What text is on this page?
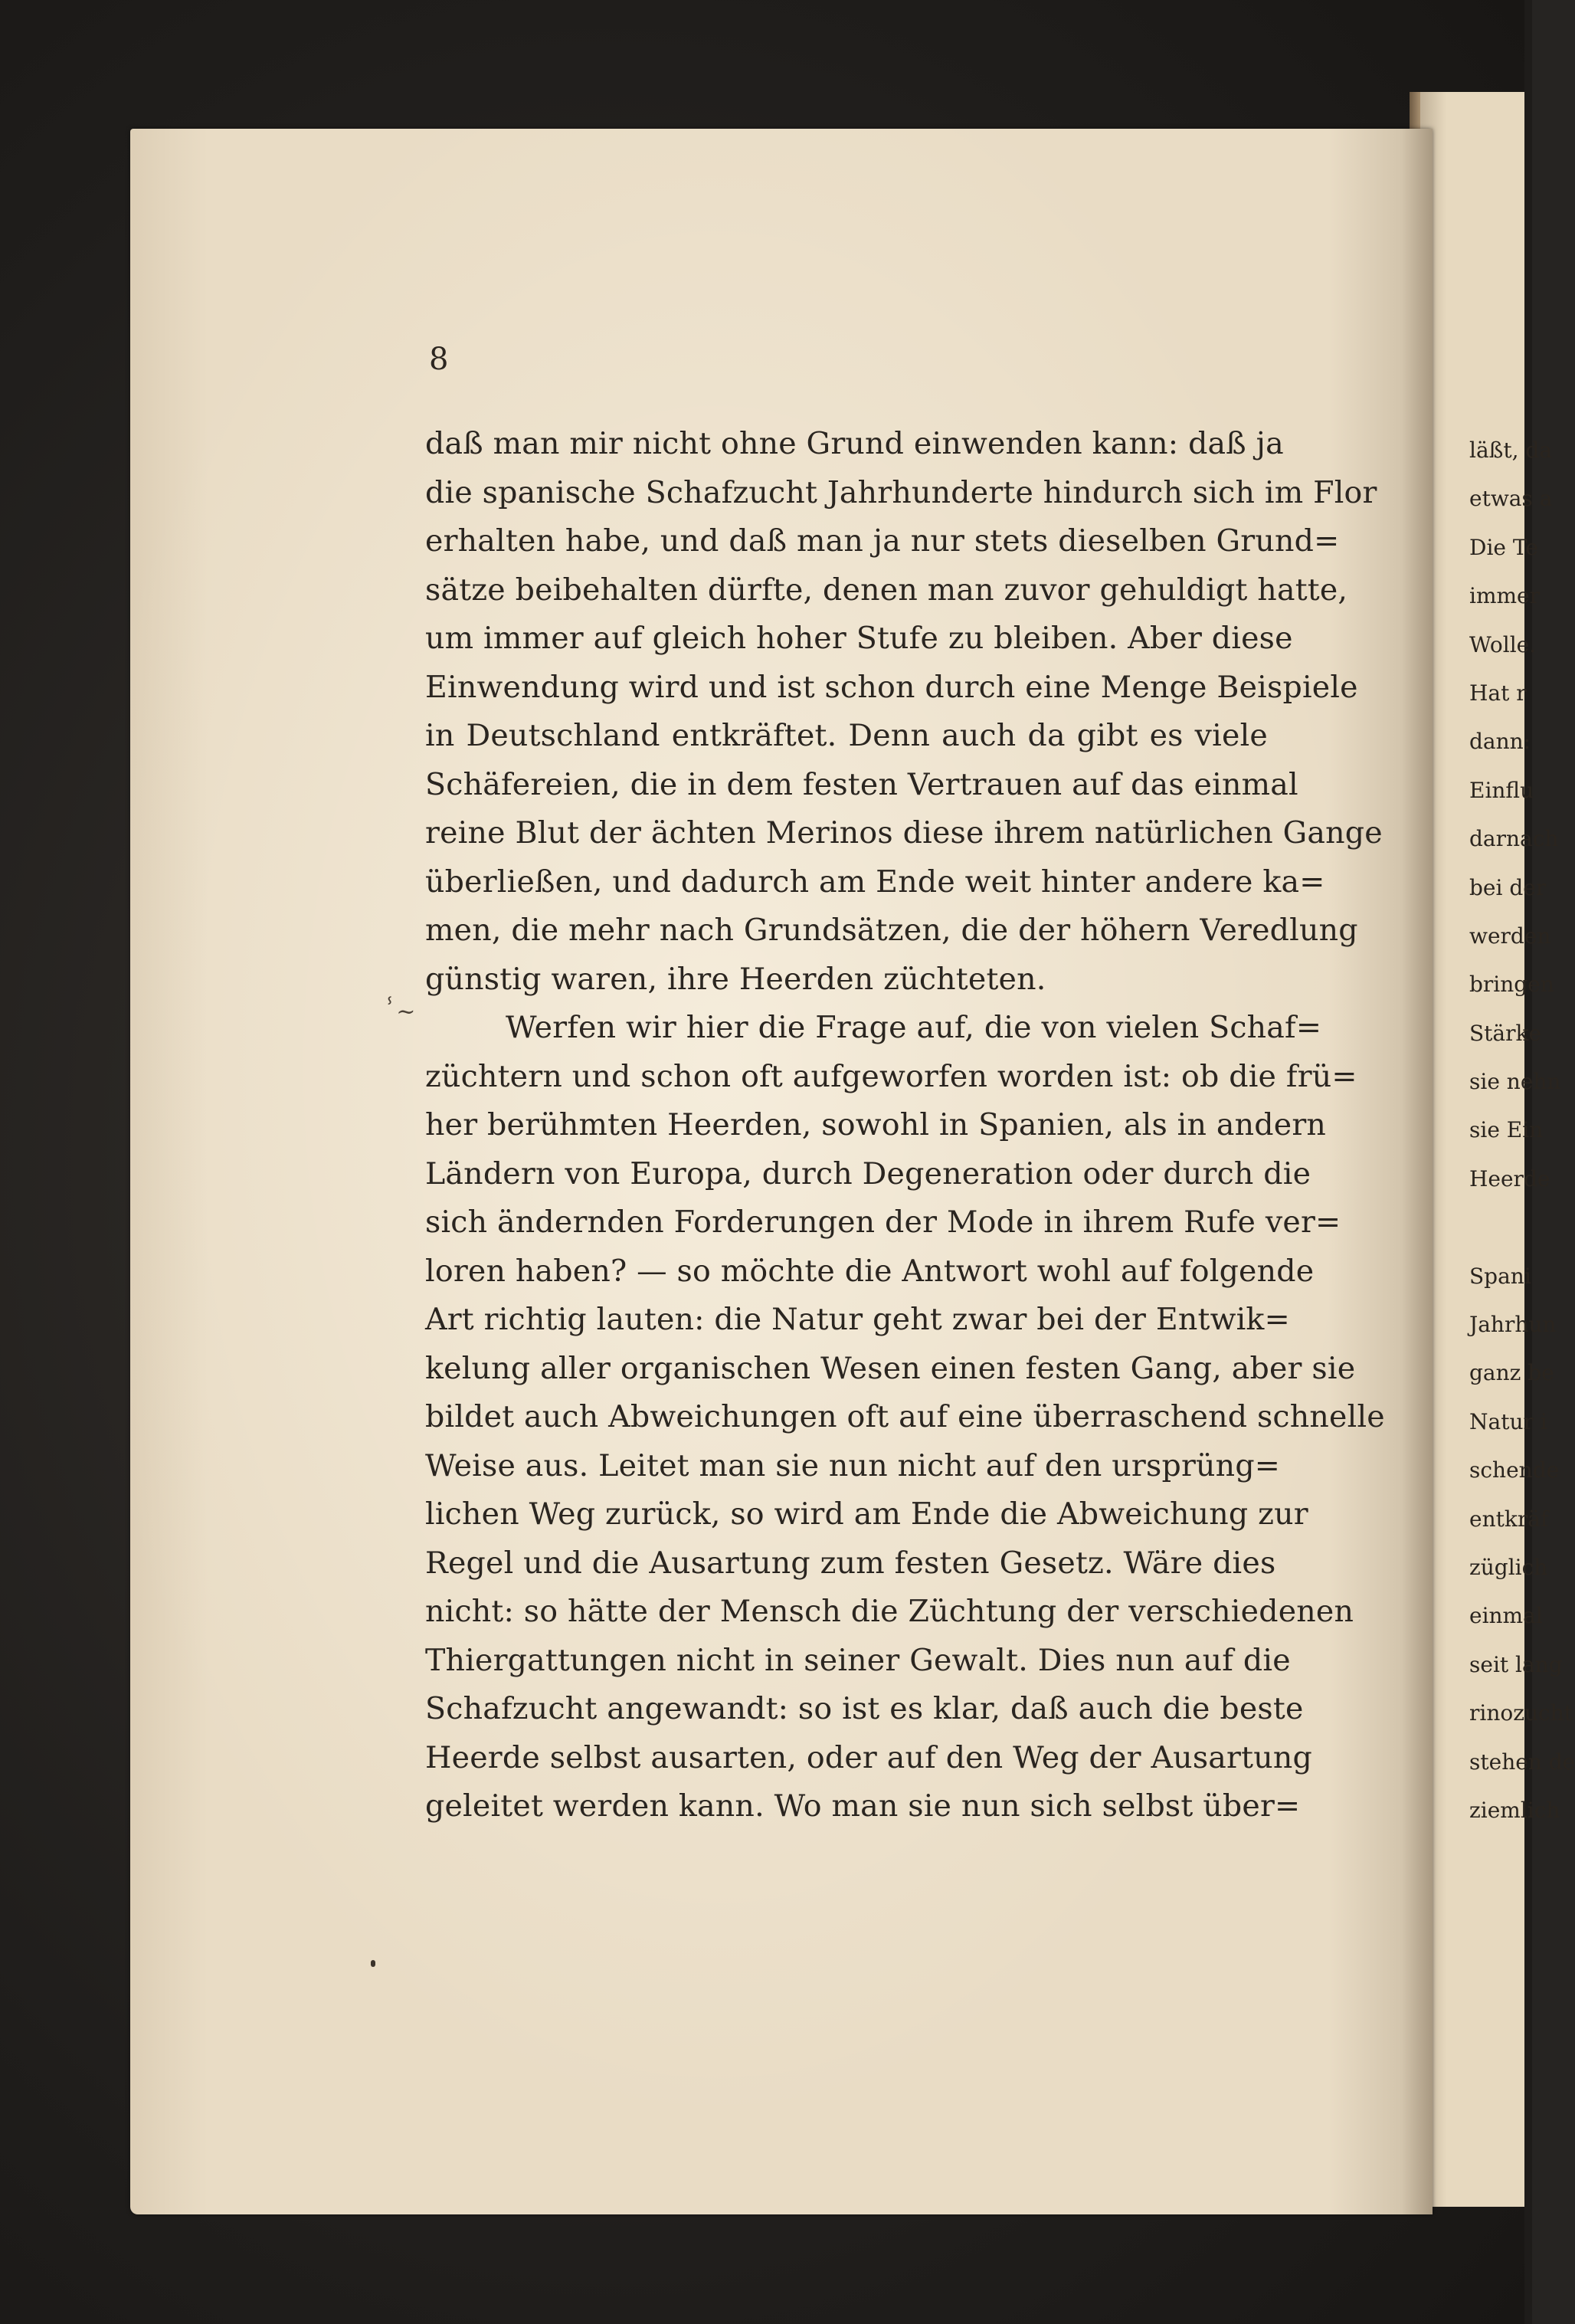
8
ⸯ~
daß man mir nicht ohne Grund einwenden kann: daß ja
die spanische Schafzucht Jahrhunderte hindurch sich im Flor
erhalten habe, und daß man ja nur stets dieselben Grund=
sätze beibehalten dürfte, denen man zuvor gehuldigt hatte,
um immer auf gleich hoher Stufe zu bleiben. Aber diese
Einwendung wird und ist schon durch eine Menge Beispiele
in Deutschland entkräftet. Denn auch da gibt es viele
Schäfereien, die in dem festen Vertrauen auf das einmal
reine Blut der ächten Merinos diese ihrem natürlichen Gange
überließen, und dadurch am Ende weit hinter andere ka=
men, die mehr nach Grundsätzen, die der höhern Veredlung
günstig waren, ihre Heerden züchteten.
Werfen wir hier die Frage auf, die von vielen Schaf=
züchtern und schon oft aufgeworfen worden ist: ob die frü=
her berühmten Heerden, sowohl in Spanien, als in andern
Ländern von Europa, durch Degeneration oder durch die
sich ändernden Forderungen der Mode in ihrem Rufe ver=
loren haben? — so möchte die Antwort wohl auf folgende
Art richtig lauten: die Natur geht zwar bei der Entwik=
kelung aller organischen Wesen einen festen Gang, aber sie
bildet auch Abweichungen oft auf eine überraschend schnelle
Weise aus. Leitet man sie nun nicht auf den ursprüng=
lichen Weg zurück, so wird am Ende die Abweichung zur
Regel und die Ausartung zum festen Gesetz. Wäre dies
nicht: so hätte der Mensch die Züchtung der verschiedenen
Thiergattungen nicht in seiner Gewalt. Dies nun auf die
Schafzucht angewandt: so ist es klar, daß auch die beste
Heerde selbst ausarten, oder auf den Weg der Ausartung
geleitet werden kann. Wo man sie nun sich selbst über=
läßt, da
etwas a
Die Te
immer
Wolle.
Hat r
dann:
Einflu
darnach
bei der
werden
bringen
Stärke
sie nehn
sie Ein
Heerde
Spani
Jahrhun
ganz be
Natur i
schende
entkräf
züglich
einmal
seit lang
rinozucht
stehen de
ziemlich
